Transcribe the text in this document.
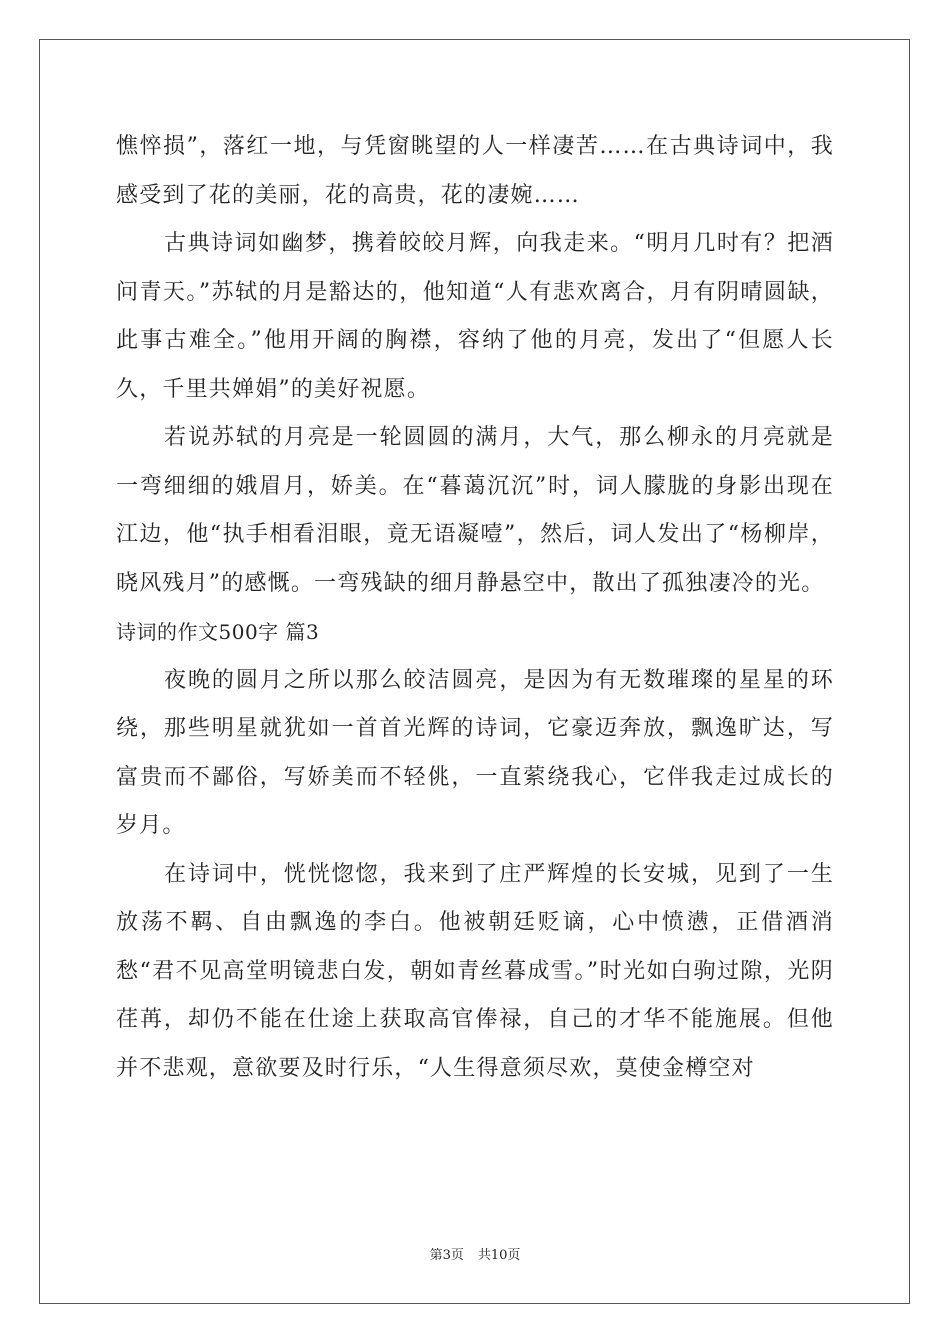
憔悴损”，落红一地，与凭窗眺望的人一样凄苦……在古典诗词中，我感受到了花的美丽，花的高贵，花的凄婉……

古典诗词如幽梦，携着皎皎月辉，向我走来。“明月几时有？把酒问青天。”苏轼的月是豁达的，他知道“人有悲欢离合，月有阴晴圆缺，此事古难全。”他用开阔的胸襟，容纳了他的月亮，发出了“但愿人长久，千里共婵娟”的美好祝愿。

若说苏轼的月亮是一轮圆圆的满月，大气，那么柳永的月亮就是一弯细细的娥眉月，娇美。在“暮蔼沉沉”时，词人朦胧的身影出现在江边，他“执手相看泪眼，竟无语凝噎”，然后，词人发出了“杨柳岸，晓风残月”的感慨。一弯残缺的细月静悬空中，散出了孤独凄冷的光。

诗词的作文500字 篇3

夜晚的圆月之所以那么皎洁圆亮，是因为有无数璀璨的星星的环绕，那些明星就犹如一首首光辉的诗词，它豪迈奔放，飘逸旷达，写富贵而不鄙俗，写娇美而不轻佻，一直萦绕我心，它伴我走过成长的岁月。

在诗词中，恍恍惚惚，我来到了庄严辉煌的长安城，见到了一生放荡不羁、自由飘逸的李白。他被朝廷贬谪，心中愤懑，正借酒消愁“君不见高堂明镜悲白发，朝如青丝暮成雪。”时光如白驹过隙，光阴荏苒，却仍不能在仕途上获取高官俸禄，自己的才华不能施展。但他并不悲观，意欲要及时行乐，“人生得意须尽欢，莫使金樽空对

第3页 共10页
